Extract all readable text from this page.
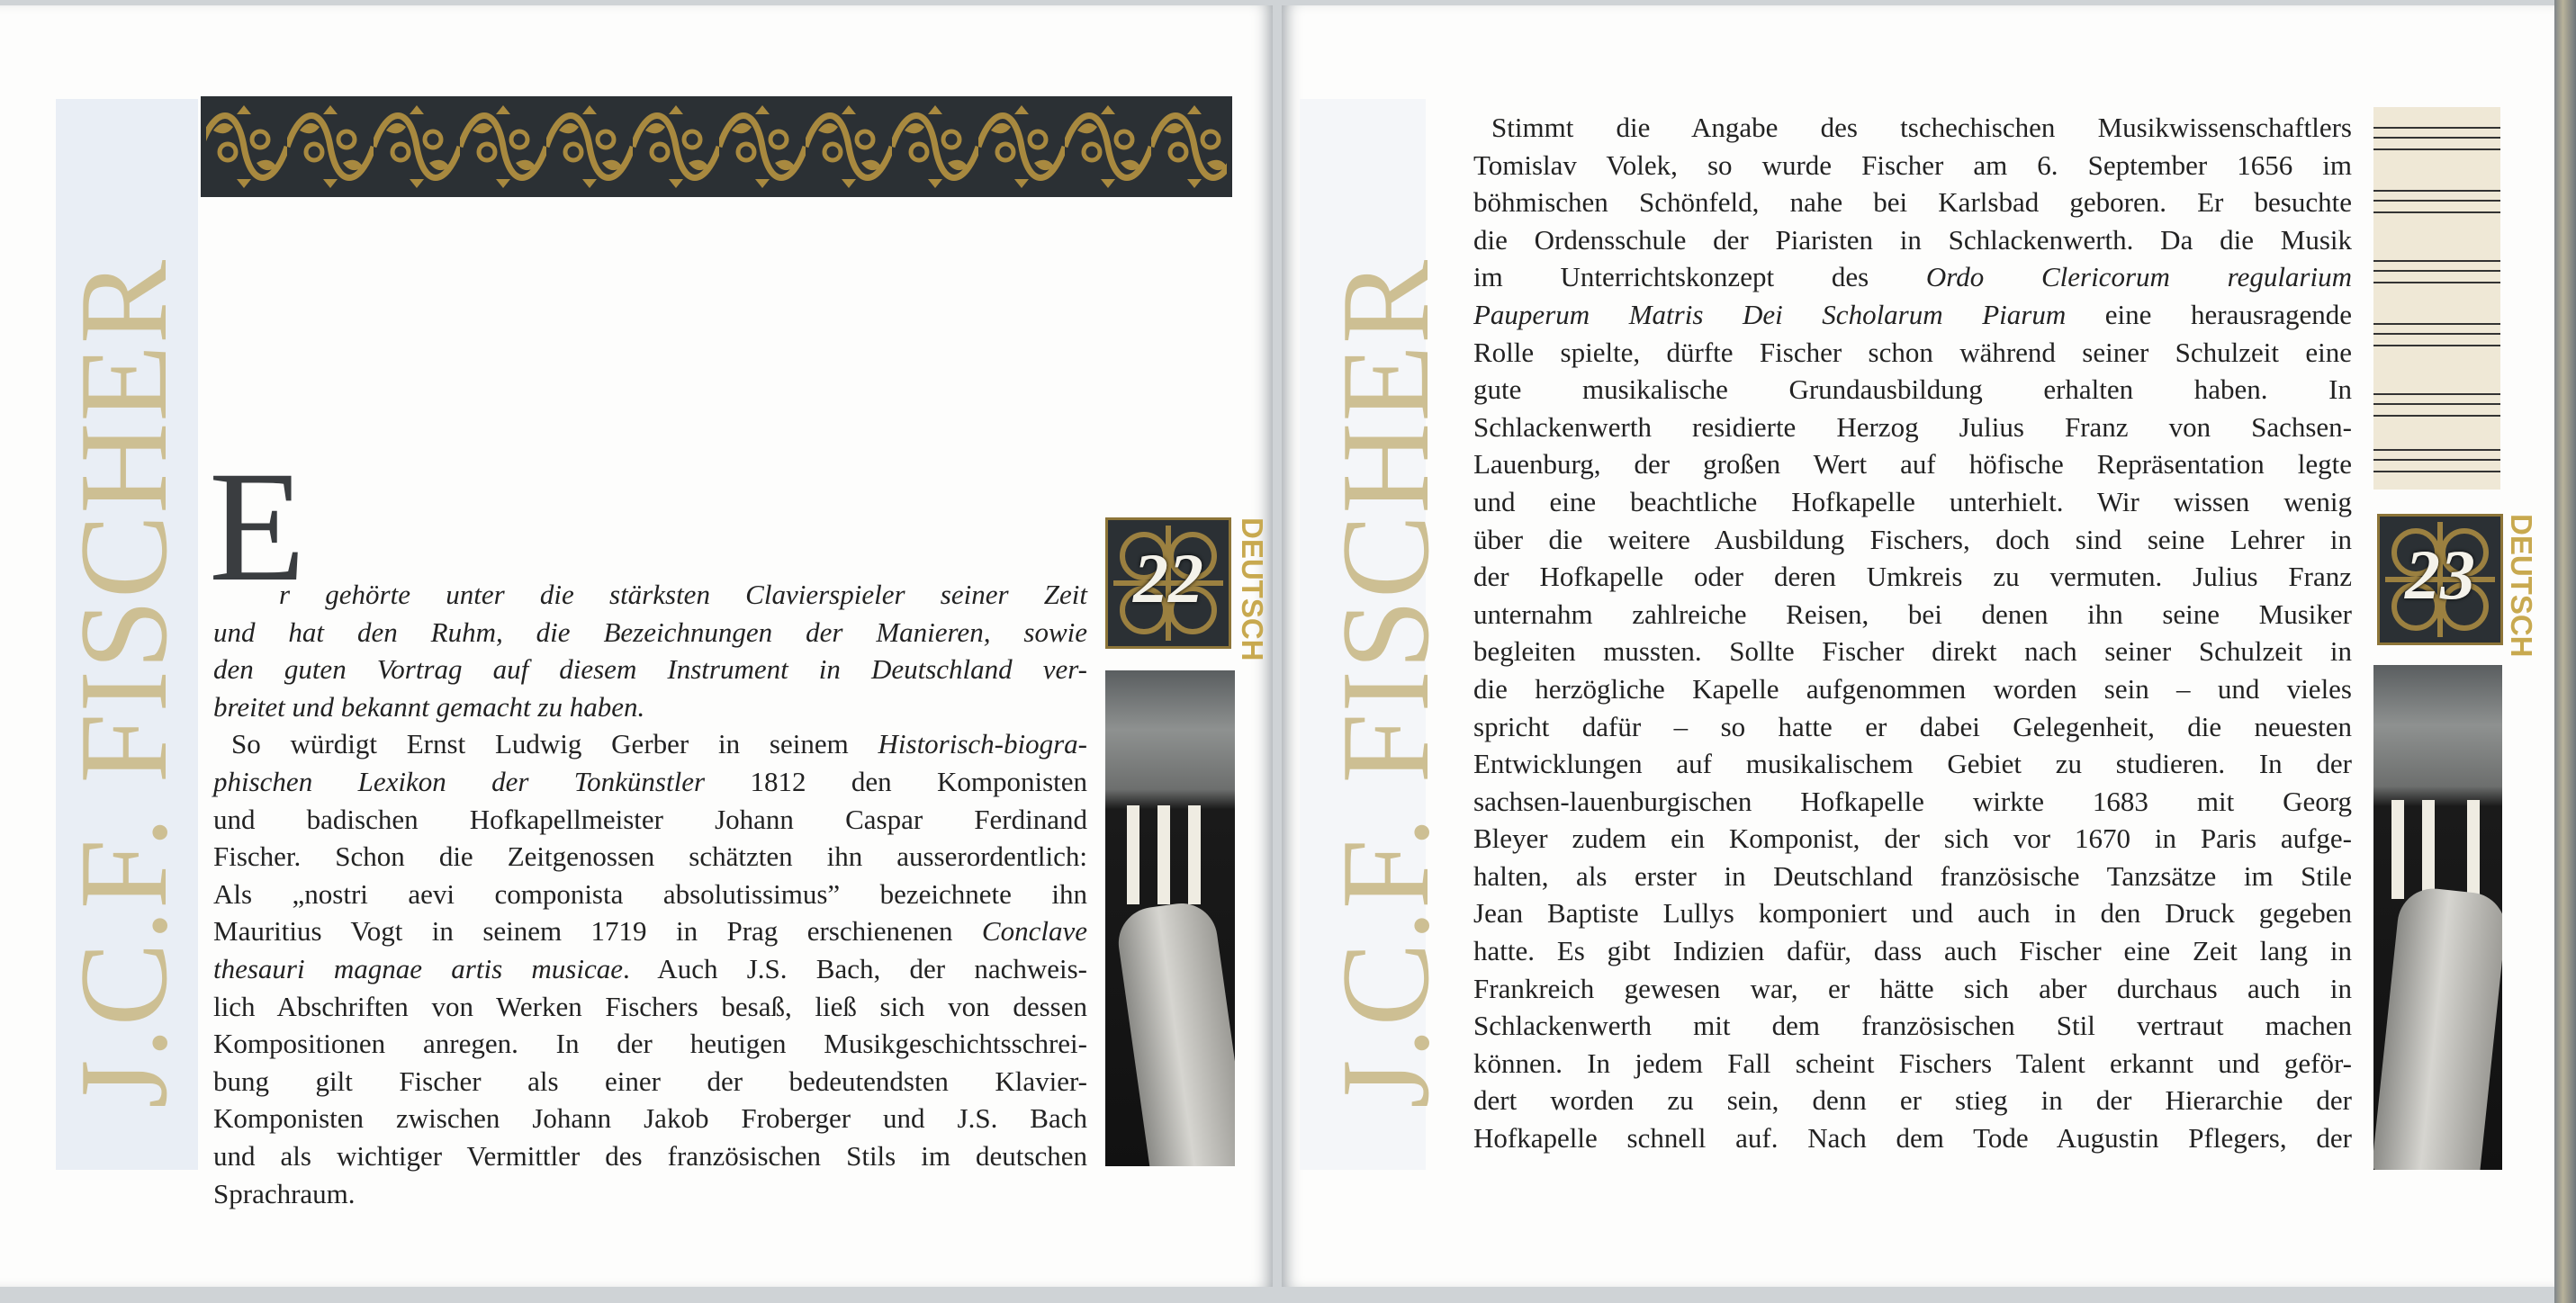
J.C.F. FISCHER E
r gehörte unter die stärksten Clavierspieler seiner Zeit
und hat den Ruhm, die Bezeichnungen der Manieren, sowie
den guten Vortrag auf diesem Instrument in Deutschland ver-
breitet und bekannt gemacht zu haben.
So würdigt Ernst Ludwig Gerber in seinem Historisch-biogra-
phischen Lexikon der Tonkünstler 1812 den Komponisten
und badischen Hofkapellmeister Johann Caspar Ferdinand
Fischer. Schon die Zeitgenossen schätzten ihn ausserordentlich:
Als „nostri aevi componista absolutissimus” bezeichnete ihn
Mauritius Vogt in seinem 1719 in Prag erschienenen Conclave
thesauri magnae artis musicae. Auch J.S. Bach, der nachweis-
lich Abschriften von Werken Fischers besaß, ließ sich von dessen
Kompositionen anregen. In der heutigen Musikgeschichtsschrei-
bung gilt Fischer als einer der bedeutendsten Klavier-
Komponisten zwischen Johann Jakob Froberger und J.S. Bach
und als wichtiger Vermittler des französischen Stils im deutschen
Sprachraum.
22	DEUTSCH J.C.F. FISCHER
Stimmt die Angabe des tschechischen Musikwissenschaftlers
Tomislav Volek, so wurde Fischer am 6. September 1656 im
böhmischen Schönfeld, nahe bei Karlsbad geboren. Er besuchte
die Ordensschule der Piaristen in Schlackenwerth. Da die Musik
im Unterrichtskonzept des Ordo Clericorum regularium
Pauperum Matris Dei Scholarum Piarum eine herausragende
Rolle spielte, dürfte Fischer schon während seiner Schulzeit eine
gute musikalische Grundausbildung erhalten haben. In
Schlackenwerth residierte Herzog Julius Franz von Sachsen-
Lauenburg, der großen Wert auf höfische Repräsentation legte
und eine beachtliche Hofkapelle unterhielt. Wir wissen wenig
über die weitere Ausbildung Fischers, doch sind seine Lehrer in
der Hofkapelle oder deren Umkreis zu vermuten. Julius Franz
unternahm zahlreiche Reisen, bei denen ihn seine Musiker
begleiten mussten. Sollte Fischer direkt nach seiner Schulzeit in
die herzögliche Kapelle aufgenommen worden sein – und vieles
spricht dafür – so hatte er dabei Gelegenheit, die neuesten
Entwicklungen auf musikalischem Gebiet zu studieren. In der
sachsen-lauenburgischen Hofkapelle wirkte 1683 mit Georg
Bleyer zudem ein Komponist, der sich vor 1670 in Paris aufge-
halten, als erster in Deutschland französische Tanzsätze im Stile
Jean Baptiste Lullys komponiert und auch in den Druck gegeben
hatte. Es gibt Indizien dafür, dass auch Fischer eine Zeit lang in
Frankreich gewesen war, er hätte sich aber durchaus auch in
Schlackenwerth mit dem französischen Stil vertraut machen
können. In jedem Fall scheint Fischers Talent erkannt und geför-
dert worden zu sein, denn er stieg in der Hierarchie der
Hofkapelle schnell auf. Nach dem Tode Augustin Pflegers, der
23	DEUTSCH
